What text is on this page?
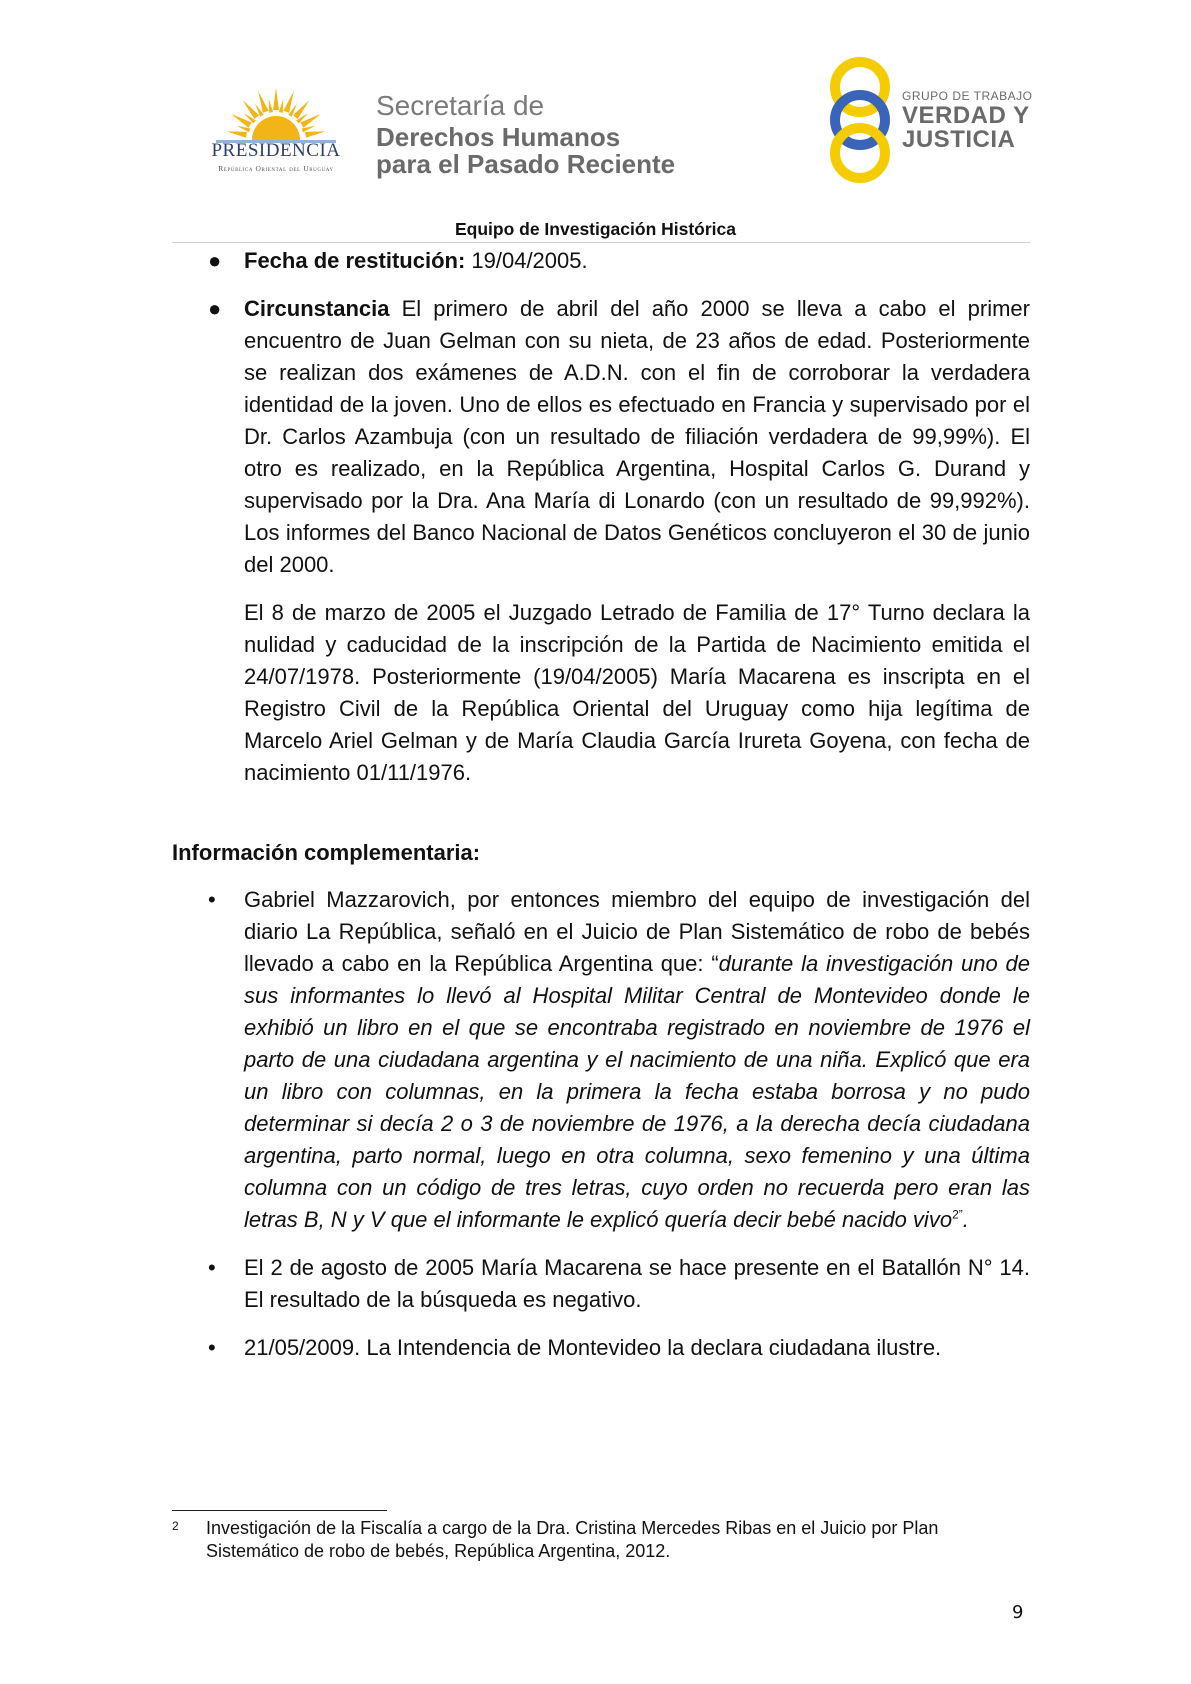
PRESIDENCIA
República Oriental del Uruguay
Secretaría de
Derechos Humanos
para el Pasado Reciente
GRUPO DE TRABAJO
VERDAD Y
JUSTICIA
Equipo de Investigación Histórica
● Fecha de restitución: 19/04/2005.
● Circunstancia El primero de abril del año 2000 se lleva a cabo el primer encuentro de Juan Gelman con su nieta, de 23 años de edad. Posteriormente se realizan dos exámenes de A.D.N. con el fin de corroborar la verdadera identidad de la joven. Uno de ellos es efectuado en Francia y supervisado por el Dr. Carlos Azambuja (con un resultado de filiación verdadera de 99,99%). El otro es realizado, en la República Argentina, Hospital Carlos G. Durand y supervisado por la Dra. Ana María di Lonardo (con un resultado de 99,992%). Los informes del Banco Nacional de Datos Genéticos concluyeron el 30 de junio del 2000.
El 8 de marzo de 2005 el Juzgado Letrado de Familia de 17° Turno declara la nulidad y caducidad de la inscripción de la Partida de Nacimiento emitida el 24/07/1978. Posteriormente (19/04/2005) María Macarena es inscripta en el Registro Civil de la República Oriental del Uruguay como hija legítima de Marcelo Ariel Gelman y de María Claudia García Irureta Goyena, con fecha de nacimiento 01/11/1976.
Información complementaria:
• Gabriel Mazzarovich, por entonces miembro del equipo de investigación del diario La República, señaló en el Juicio de Plan Sistemático de robo de bebés llevado a cabo en la República Argentina que: “durante la investigación uno de sus informantes lo llevó al Hospital Militar Central de Montevideo donde le exhibió un libro en el que se encontraba registrado en noviembre de 1976 el parto de una ciudadana argentina y el nacimiento de una niña. Explicó que era un libro con columnas, en la primera la fecha estaba borrosa y no pudo determinar si decía 2 o 3 de noviembre de 1976, a la derecha decía ciudadana argentina, parto normal, luego en otra columna, sexo femenino y una última columna con un código de tres letras, cuyo orden no recuerda pero eran las letras B, N y V que el informante le explicó quería decir bebé nacido vivo$^{2”}$.
• El 2 de agosto de 2005 María Macarena se hace presente en el Batallón N° 14. El resultado de la búsqueda es negativo.
• 21/05/2009. La Intendencia de Montevideo la declara ciudadana ilustre.
2	Investigación de la Fiscalía a cargo de la Dra. Cristina Mercedes Ribas en el Juicio por Plan Sistemático de robo de bebés, República Argentina, 2012.
9
